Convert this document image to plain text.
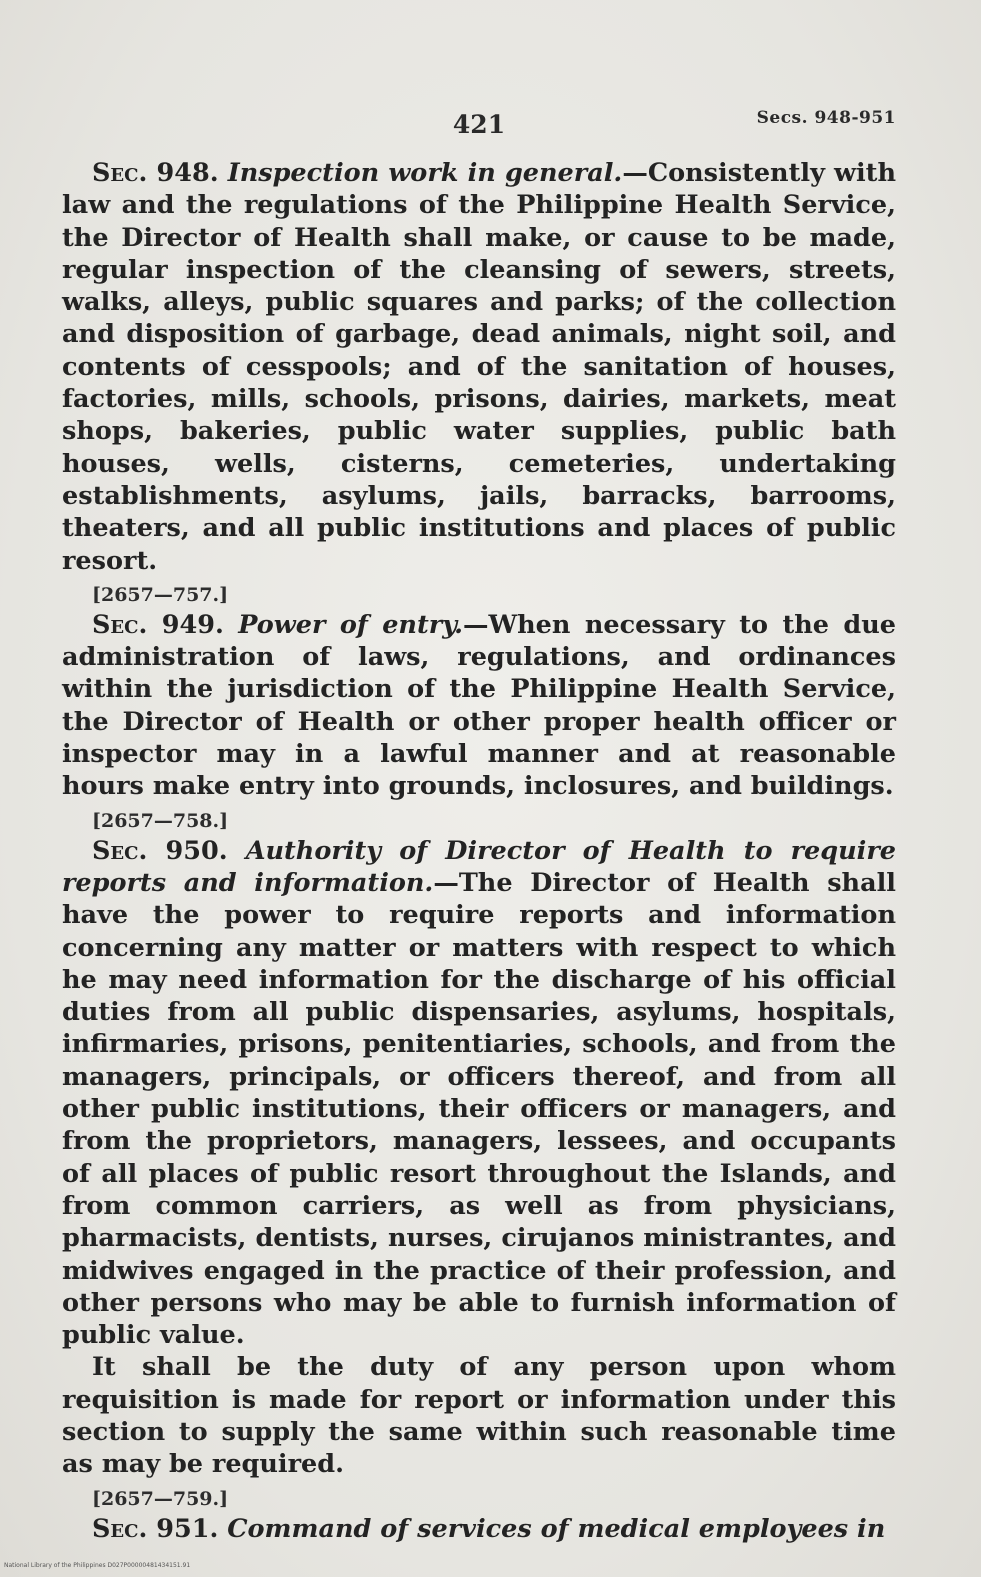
421	Secs. 948-951

Sec. 948. Inspection work in general.—Consistently with law and the regulations of the Philippine Health Service, the Director of Health shall make, or cause to be made, regular inspection of the cleansing of sewers, streets, walks, alleys, public squares and parks; of the collection and disposition of garbage, dead animals, night soil, and contents of cesspools; and of the sanitation of houses, factories, mills, schools, prisons, dairies, markets, meat shops, bakeries, public water supplies, public bath houses, wells, cisterns, cemeteries, undertaking establishments, asylums, jails, barracks, barrooms, theaters, and all public institutions and places of public resort.

[2657—757.]

Sec. 949. Power of entry.—When necessary to the due administration of laws, regulations, and ordinances within the jurisdiction of the Philippine Health Service, the Director of Health or other proper health officer or inspector may in a lawful manner and at reasonable hours make entry into grounds, inclosures, and buildings.

[2657—758.]

Sec. 950. Authority of Director of Health to require reports and information.—The Director of Health shall have the power to require reports and information concerning any matter or matters with respect to which he may need information for the discharge of his official duties from all public dispensaries, asylums, hospitals, infirmaries, prisons, penitentiaries, schools, and from the managers, principals, or officers thereof, and from all other public institutions, their officers or managers, and from the proprietors, managers, lessees, and occupants of all places of public resort throughout the Islands, and from common carriers, as well as from physicians, pharmacists, dentists, nurses, cirujanos ministrantes, and midwives engaged in the practice of their profession, and other persons who may be able to furnish information of public value.

It shall be the duty of any person upon whom requisition is made for report or information under this section to supply the same within such reasonable time as may be required.

[2657—759.]

Sec. 951. Command of services of medical employees in

National Library of the Philippines D027P00000481434151.91
